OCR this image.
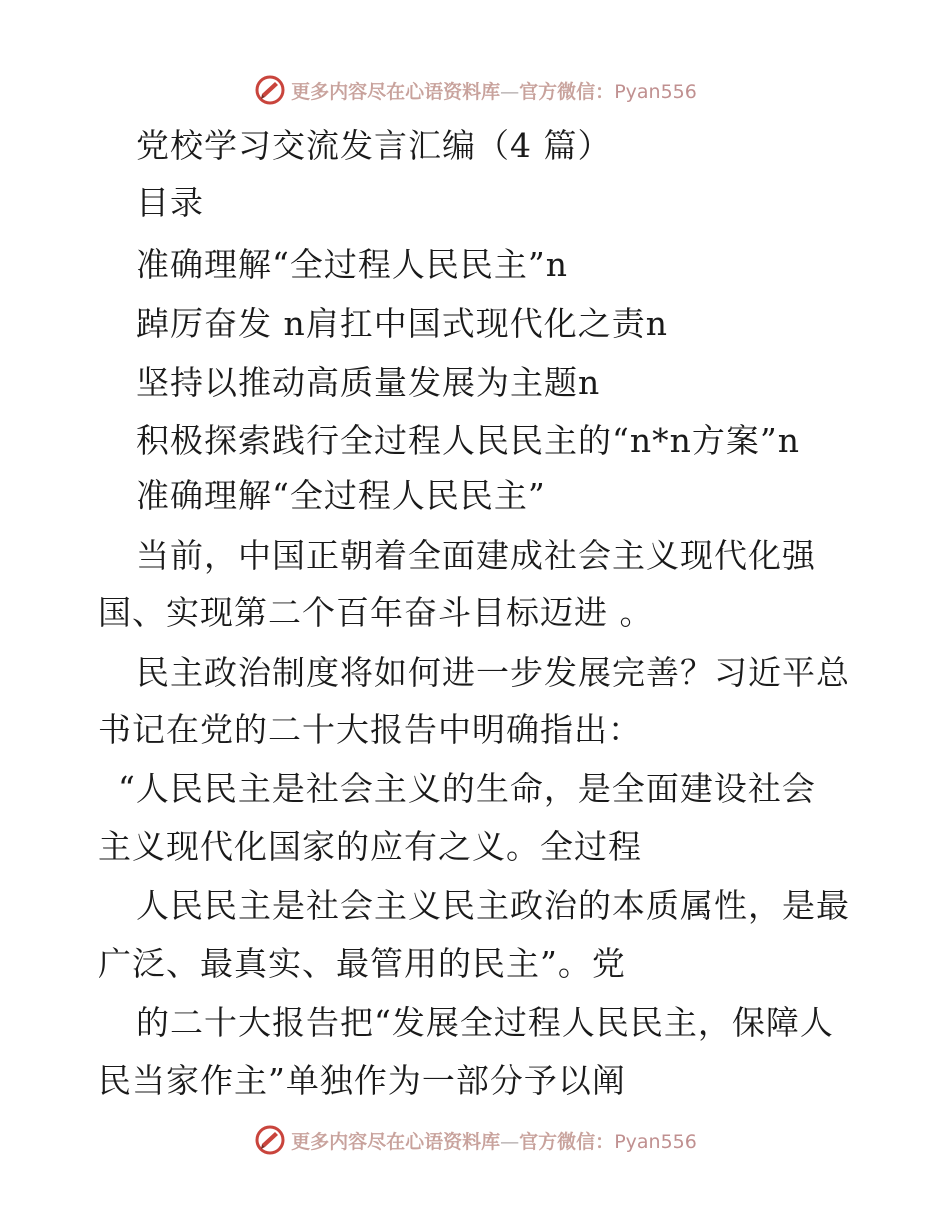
更多内容尽在心语资料库—官方微信：Pyan556
党校学习交流发言汇编（4 篇）
目录
准确理解“全过程人民民主”n
踔厉奋发 n肩扛中国式现代化之责n
坚持以推动高质量发展为主题n
积极探索践行全过程人民民主的“n*n方案”n
准确理解“全过程人民民主”
当前，中国正朝着全面建成社会主义现代化强
国、实现第二个百年奋斗目标迈进 。
民主政治制度将如何进一步发展完善？习近平总
书记在党的二十大报告中明确指出：
“人民民主是社会主义的生命，是全面建设社会
主义现代化国家的应有之义。全过程
人民民主是社会主义民主政治的本质属性，是最
广泛、最真实、最管用的民主”。党
的二十大报告把“发展全过程人民民主，保障人
民当家作主”单独作为一部分予以阐
更多内容尽在心语资料库—官方微信：Pyan556
